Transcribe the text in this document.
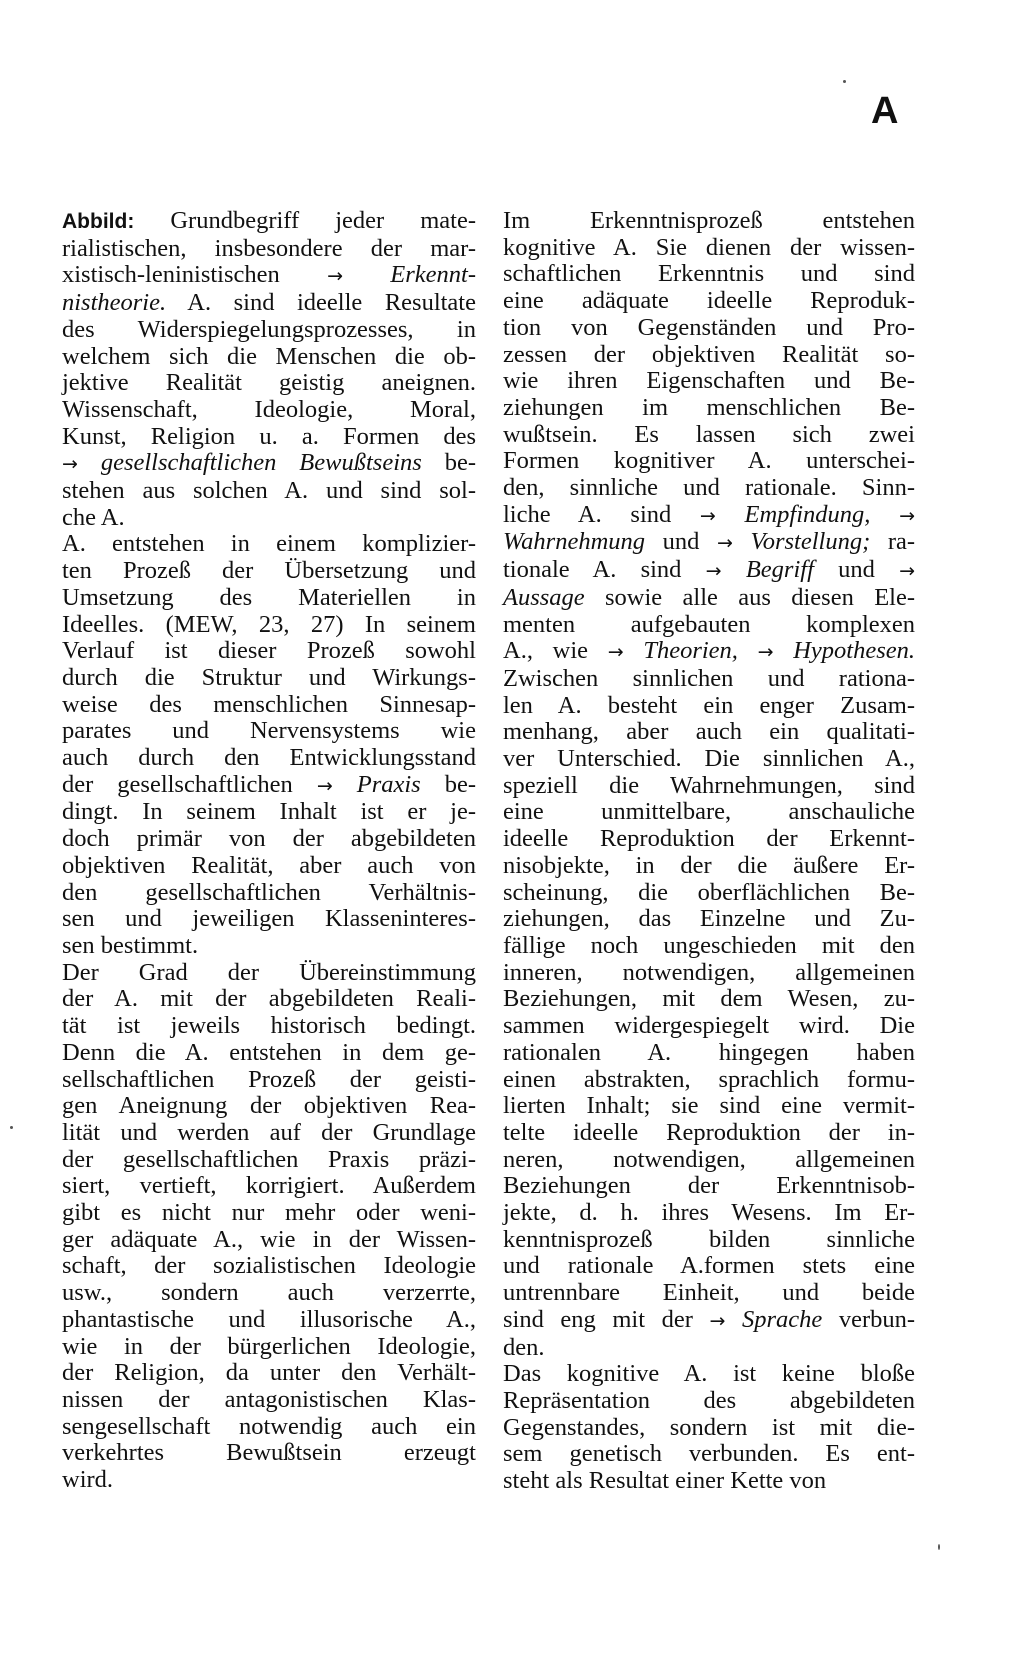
A
Abbild: Grundbegriff jeder mate-
rialistischen, insbesondere der mar-
xistisch-leninistischen → Erkennt-
nistheorie. A. sind ideelle Resultate
des Widerspiegelungsprozesses, in
welchem sich die Menschen die ob-
jektive Realität geistig aneignen.
Wissenschaft, Ideologie, Moral,
Kunst, Religion u. a. Formen des
→ gesellschaftlichen Bewußtseins be-
stehen aus solchen A. und sind sol-
che A.
A. entstehen in einem komplizier-
ten Prozeß der Übersetzung und
Umsetzung des Materiellen in
Ideelles. (MEW, 23, 27) In seinem
Verlauf ist dieser Prozeß sowohl
durch die Struktur und Wirkungs-
weise des menschlichen Sinnesap-
parates und Nervensystems wie
auch durch den Entwicklungsstand
der gesellschaftlichen → Praxis be-
dingt. In seinem Inhalt ist er je-
doch primär von der abgebildeten
objektiven Realität, aber auch von
den gesellschaftlichen Verhältnis-
sen und jeweiligen Klasseninteres-
sen bestimmt.
Der Grad der Übereinstimmung
der A. mit der abgebildeten Reali-
tät ist jeweils historisch bedingt.
Denn die A. entstehen in dem ge-
sellschaftlichen Prozeß der geisti-
gen Aneignung der objektiven Rea-
lität und werden auf der Grundlage
der gesellschaftlichen Praxis präzi-
siert, vertieft, korrigiert. Außerdem
gibt es nicht nur mehr oder weni-
ger adäquate A., wie in der Wissen-
schaft, der sozialistischen Ideologie
usw., sondern auch verzerrte,
phantastische und illusorische A.,
wie in der bürgerlichen Ideologie,
der Religion, da unter den Verhält-
nissen der antagonistischen Klas-
sengesellschaft notwendig auch ein
verkehrtes Bewußtsein erzeugt
wird.
Im Erkenntnisprozeß entstehen
kognitive A. Sie dienen der wissen-
schaftlichen Erkenntnis und sind
eine adäquate ideelle Reproduk-
tion von Gegenständen und Pro-
zessen der objektiven Realität so-
wie ihren Eigenschaften und Be-
ziehungen im menschlichen Be-
wußtsein. Es lassen sich zwei
Formen kognitiver A. unterschei-
den, sinnliche und rationale. Sinn-
liche A. sind → Empfindung, →
Wahrnehmung und → Vorstellung; ra-
tionale A. sind → Begriff und →
Aussage sowie alle aus diesen Ele-
menten aufgebauten komplexen
A., wie → Theorien, → Hypothesen.
Zwischen sinnlichen und rationa-
len A. besteht ein enger Zusam-
menhang, aber auch ein qualitati-
ver Unterschied. Die sinnlichen A.,
speziell die Wahrnehmungen, sind
eine unmittelbare, anschauliche
ideelle Reproduktion der Erkennt-
nisobjekte, in der die äußere Er-
scheinung, die oberflächlichen Be-
ziehungen, das Einzelne und Zu-
fällige noch ungeschieden mit den
inneren, notwendigen, allgemeinen
Beziehungen, mit dem Wesen, zu-
sammen widergespiegelt wird. Die
rationalen A. hingegen haben
einen abstrakten, sprachlich formu-
lierten Inhalt; sie sind eine vermit-
telte ideelle Reproduktion der in-
neren, notwendigen, allgemeinen
Beziehungen der Erkenntnisob-
jekte, d. h. ihres Wesens. Im Er-
kenntnisprozeß bilden sinnliche
und rationale A.formen stets eine
untrennbare Einheit, und beide
sind eng mit der → Sprache verbun-
den.
Das kognitive A. ist keine bloße
Repräsentation des abgebildeten
Gegenstandes, sondern ist mit die-
sem genetisch verbunden. Es ent-
steht als Resultat einer Kette von
